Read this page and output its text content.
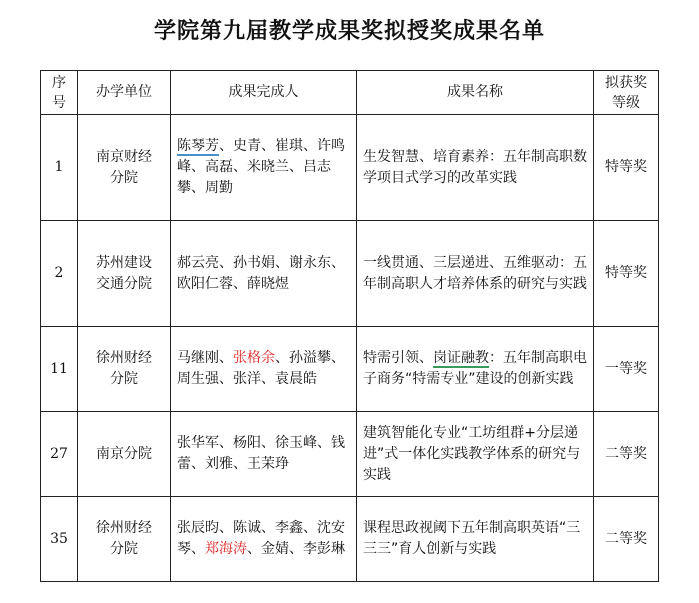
学院第九届教学成果奖拟授奖成果名单
序号	办学单位	成果完成人	成果名称	拟获奖等级

1	南京财经分院	陈琴芳、史青、崔琪、许鸣峰、高磊、米晓兰、吕志攀、周勤	生发智慧、培育素养：五年制高职数学项目式学习的改革实践	特等奖
2	苏州建设交通分院	郝云亮、孙书娟、谢永东、欧阳仁蓉、薛晓煜	一线贯通、三层递进、五维驱动：五年制高职人才培养体系的研究与实践	特等奖
11	徐州财经分院	马继刚、张格余、孙溢攀、周生强、张洋、袁晨皓	特需引领、岗证融教：五年制高职电子商务“特需专业”建设的创新实践	一等奖
27	南京分院	张华军、杨阳、徐玉峰、钱蕾、刘雅、王茉琤	建筑智能化专业“工坊组群+分层递进”式一体化实践教学体系的研究与实践	二等奖
35	徐州财经分院	张辰昀、陈诚、李鑫、沈安琴、郑海涛、金婧、李彭琳	课程思政视阈下五年制高职英语“三三三”育人创新与实践	二等奖
